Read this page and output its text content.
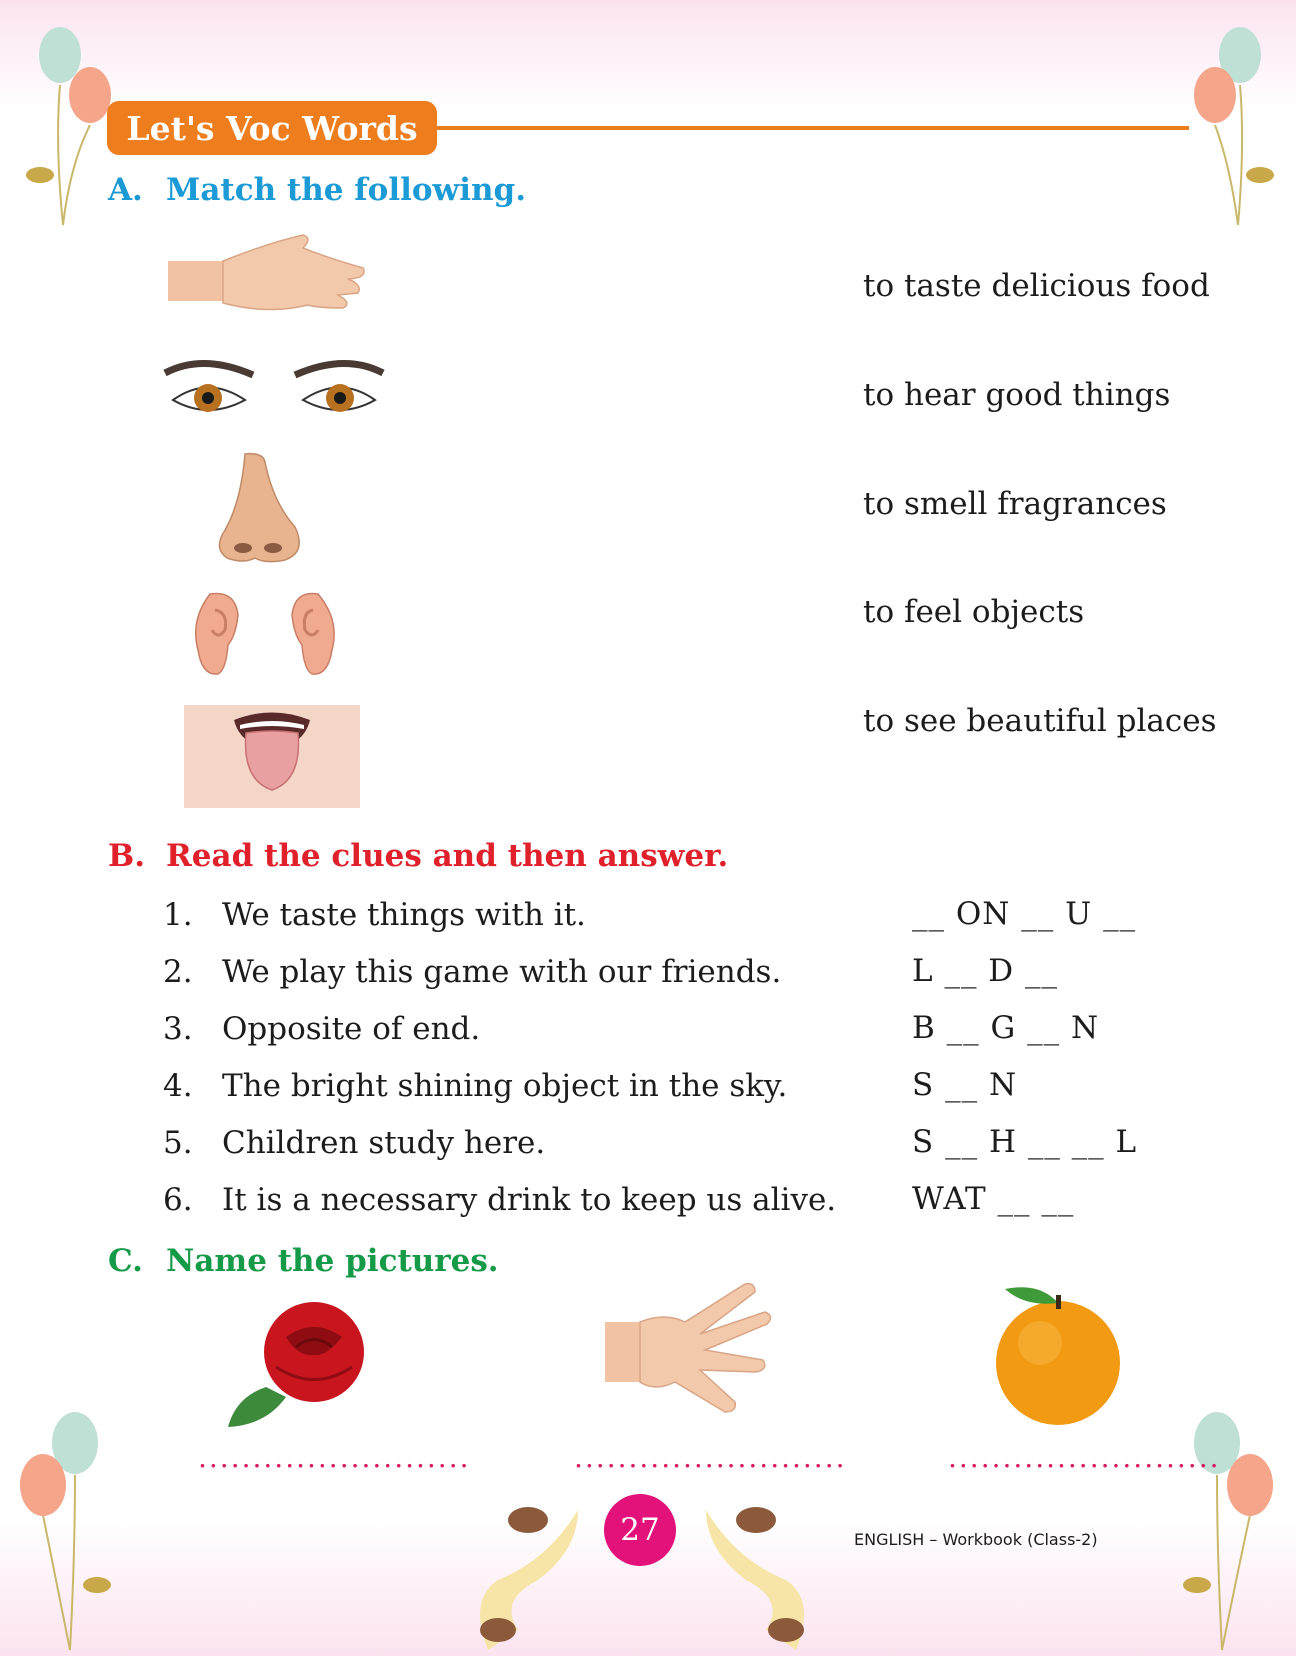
Let's Voc Words
A. Match the following.
to taste delicious food
to hear good things
to smell fragrances
to feel objects
to see beautiful places
B. Read the clues and then answer.
1. We taste things with it.	__ ON __ U __
2. We play this game with our friends.	L __ D __
3. Opposite of end.	B __ G __ N
4. The bright shining object in the sky.	S __ N
5. Children study here.	S __ H __ __ L
6. It is a necessary drink to keep us alive. WAT __ __
C. Name the pictures.
.........................	.........................	.........................
27	ENGLISH – Workbook (Class-2)
